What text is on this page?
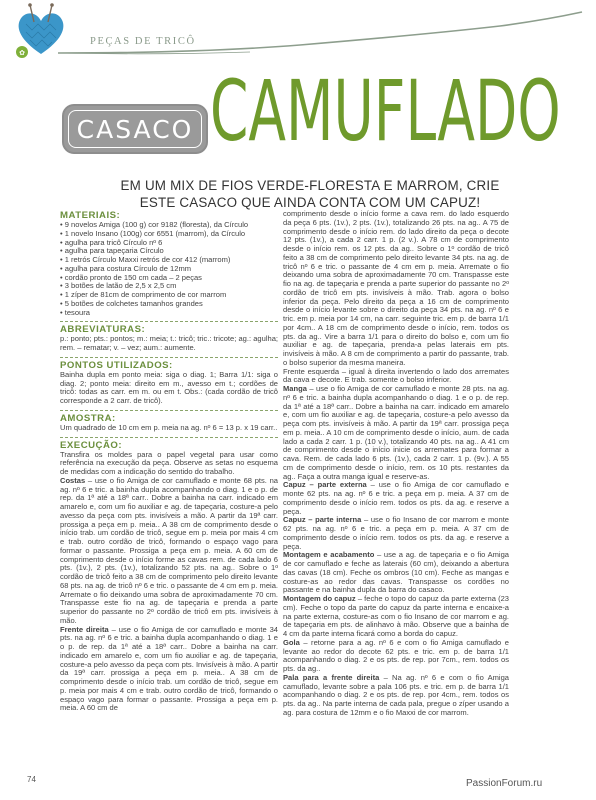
✿
PEÇAS DE TRICÔ
CASACO CAMUFLADO
EM UM MIX DE FIOS VERDE-FLORESTA E MARROM, CRIE
ESTE CASACO QUE AINDA CONTA COM UM CAPUZ!
MATERIAIS:
• 9 novelos Amiga (100 g) cor 9182 (floresta), da Círculo
• 1 novelo Insano (100g) cor 6551 (marrom), da Círculo
• agulha para tricô Círculo nº 6
• agulha para tapeçaria Círculo
• 1 retrós Círculo Maxxi retrós de cor 412 (marrom)
• agulha para costura Círculo de 12mm
• cordão pronto de 150 cm cada – 2 peças
• 3 botões de latão de 2,5 x 2,5 cm
• 1 zíper de 81cm de comprimento de cor marrom
• 5 botões de colchetes tamanhos grandes
• tesoura
ABREVIATURAS:

p.: ponto; pts.: pontos; m.: meia; t.: tricô; tric.: tricote; ag.: agulha; rem. – rematar; v. – vez; aum.: aumente.

PONTOS UTILIZADOS:

Bainha dupla em ponto meia: siga o diag. 1; Barra 1/1: siga o diag. 2; ponto meia: direito em m., avesso em t.; cordões de tricô: todas as carr. em m. ou em t. Obs.: (cada cordão de tricô corresponde a 2 carr. de tricô).

AMOSTRA:

Um quadrado de 10 cm em p. meia na ag. nº 6 = 13 p. x 19 carr..

EXECUÇÃO:

Transfira os moldes para o papel vegetal para usar como referência na execução da peça. Observe as setas no esquema de medidas com a indicação do sentido do trabalho.

Costas – use o fio Amiga de cor camuflado e monte 68 pts. na ag. nº 6 e tric. a bainha dupla acompanhando o diag. 1 e o p. de rep. da 1ª até a 18ª carr.. Dobre a bainha na carr. indicado em amarelo e, com um fio auxiliar e ag. de tapeçaria, costure-a pelo avesso da peça com pts. invisíveis a mão. A partir da 19ª carr. prossiga a peça em p. meia.. A 38 cm de comprimento desde o início trab. um cordão de tricô, segue em p. meia por mais 4 cm e trab. outro cordão de tricô, formando o espaço vago para formar o passante. Prossiga a peça em p. meia. A 60 cm de comprimento desde o início forme as cavas rem. de cada lado 6 pts. (1v.), 2 pts. (1v.), totalizando 52 pts. na ag.. Sobre o 1º cordão de tricô feito a 38 cm de comprimento pelo direito levante 68 pts. na ag. de tricô nº 6 e tric. o passante de 4 cm em p. meia. Arremate o fio deixando uma sobra de aproximadamente 70 cm. Transpasse este fio na ag. de tapeçaria e prenda a parte superior do passante no 2º cordão de tricô em pts. invisíveis à mão.

Frente direita – use o fio Amiga de cor camuflado e monte 34 pts. na ag. nº 6 e tric. a bainha dupla acompanhando o diag. 1 e o p. de rep. da 1ª até a 18ª carr.. Dobre a bainha na carr. indicado em amarelo e, com um fio auxiliar e ag. de tapeçaria, costure-a pelo avesso da peça com pts. Invisíveis à mão. A partir da 19ª carr. prossiga a peça em p. meia.. A 38 cm de comprimento desde o início trab. um cordão de tricô, segue em p. meia por mais 4 cm e trab. outro cordão de tricô, formando o espaço vago para formar o passante. Prossiga a peça em p. meia. A 60 cm de

comprimento desde o início forme a cava rem. do lado esquerdo da peça 6 pts. (1v.), 2 pts. (1v.), totalizando 26 pts. na ag.. A 75 de comprimento desde o início rem. do lado direito da peça o decote 12 pts. (1v.), a cada 2 carr. 1 p. (2 v.). A 78 cm de comprimento desde o início rem. os 12 pts. da ag.. Sobre o 1º cordão de tricô feito a 38 cm de comprimento pelo direito levante 34 pts. na ag. de tricô nº 6 e tric. o passante de 4 cm em p. meia. Arremate o fio deixando uma sobra de aproximadamente 70 cm. Transpasse este fio na ag. de tapeçaria e prenda a parte superior do passante no 2º cordão de tricô em pts. invisíveis à mão. Trab. agora o bolso inferior da peça. Pelo direito da peça a 16 cm de comprimento desde o início levante sobre o direito da peça 34 pts. na ag. nº 6 e tric. em p. meia por 14 cm, na carr. seguinte tric. em p. de barra 1/1 por 4cm.. A 18 cm de comprimento desde o início, rem. todos os pts. da ag.. Vire a barra 1/1 para o direito do bolso e, com um fio auxiliar e ag. de tapeçaria, prenda-a pelas laterais em pts. invisíveis à mão. A 8 cm de comprimento a partir do passante, trab. o bolso superior da mesma maneira.

Frente esquerda – igual à direita invertendo o lado dos arremates da cava e decote. E trab. somente o bolso inferior.

Manga – use o fio Amiga de cor camuflado e monte 28 pts. na ag. nº 6 e tric. a bainha dupla acompanhando o diag. 1 e o p. de rep. da 1ª até a 18ª carr.. Dobre a bainha na carr. indicado em amarelo e, com um fio auxiliar e ag. de tapeçaria, costure-a pelo avesso da peça com pts. invisíveis à mão. A partir da 19ª carr. prossiga peça em p. meia.. A 10 cm de comprimento desde o início, aum. de cada lado a cada 2 carr. 1 p. (10 v.), totalizando 40 pts. na ag.. A 41 cm de comprimento desde o início inicie os arremates para formar a cava. Rem. de cada lado 6 pts. (1v.), cada 2 carr. 1 p. (9v.). A 55 cm de comprimento desde o início, rem. os 10 pts. restantes da ag.. Faça a outra manga igual e reserve-as.

Capuz – parte externa – use o fio Amiga de cor camuflado e monte 62 pts. na ag. nº 6 e tric. a peça em p. meia. A 37 cm de comprimento desde o início rem. todos os pts. da ag. e reserve a peça.

Capuz – parte interna – use o fio Insano de cor marrom e monte 62 pts. na ag. nº 6 e tric. a peça em p. meia. A 37 cm de comprimento desde o início rem. todos os pts. da ag. e reserve a peça.

Montagem e acabamento – use a ag. de tapeçaria e o fio Amiga de cor camuflado e feche as laterais (60 cm), deixando a abertura das cavas (18 cm). Feche os ombros (10 cm). Feche as mangas e costure-as ao redor das cavas. Transpasse os cordões no passante e na bainha dupla da barra do casaco.

Montagem do capuz – feche o topo do capuz da parte externa (23 cm). Feche o topo da parte do capuz da parte interna e encaixe-a na parte externa, costure-as com o fio Insano de cor marrom e ag. de tapeçaria em pts. de alinhavo à mão. Observe que a bainha de 4 cm da parte interna ficará como a borda do capuz.

Gola – retorne para a ag. nº 6 e com o fio Amiga camuflado e levante ao redor do decote 62 pts. e tric. em p. de barra 1/1 acompanhando o diag. 2 e os pts. de rep. por 7cm., rem. todos os pts. da ag..

Pala para a frente direita – Na ag. nº 6 e com o fio Amiga camuflado, levante sobre a pala 106 pts. e tric. em p. de barra 1/1 acompanhando o diag. 2 e os pts. de rep. por 4cm., rem. todos os pts. da ag.. Na parte interna de cada pala, pregue o zíper usando a ag. para costura de 12mm e o fio Maxxi de cor marrom.

74	PassionForum.ru
